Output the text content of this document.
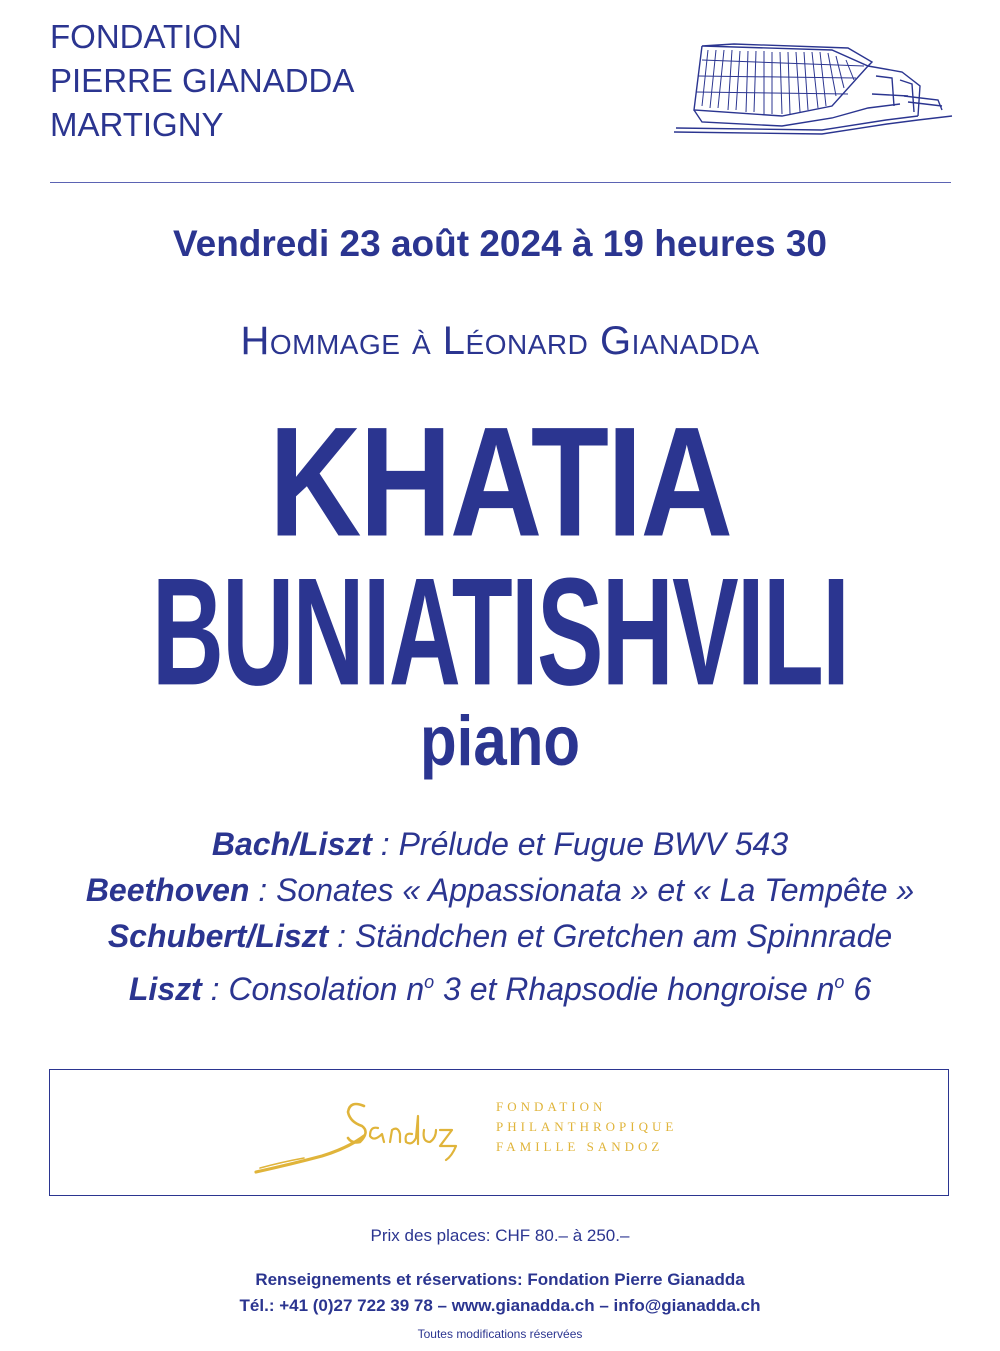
FONDATION
PIERRE GIANADDA
MARTIGNY
Vendredi 23 août 2024 à 19 heures 30
Hommage à Léonard Gianadda
KHATIA
BUNIATISHVILI
piano
Bach/Liszt : Prélude et Fugue BWV 543
Beethoven : Sonates « Appassionata » et « La Tempête »
Schubert/Liszt : Ständchen et Gretchen am Spinnrade
Liszt : Consolation $n^o$ 3 et Rhapsodie hongroise $n^o$ 6
FONDATION
PHILANTHROPIQUE
FAMILLE SANDOZ
Prix des places: CHF 80.– à 250.–
Renseignements et réservations: Fondation Pierre Gianadda
Tél.: +41 (0)27 722 39 78 – www.gianadda.ch – info@gianadda.ch
Toutes modifications réservées
